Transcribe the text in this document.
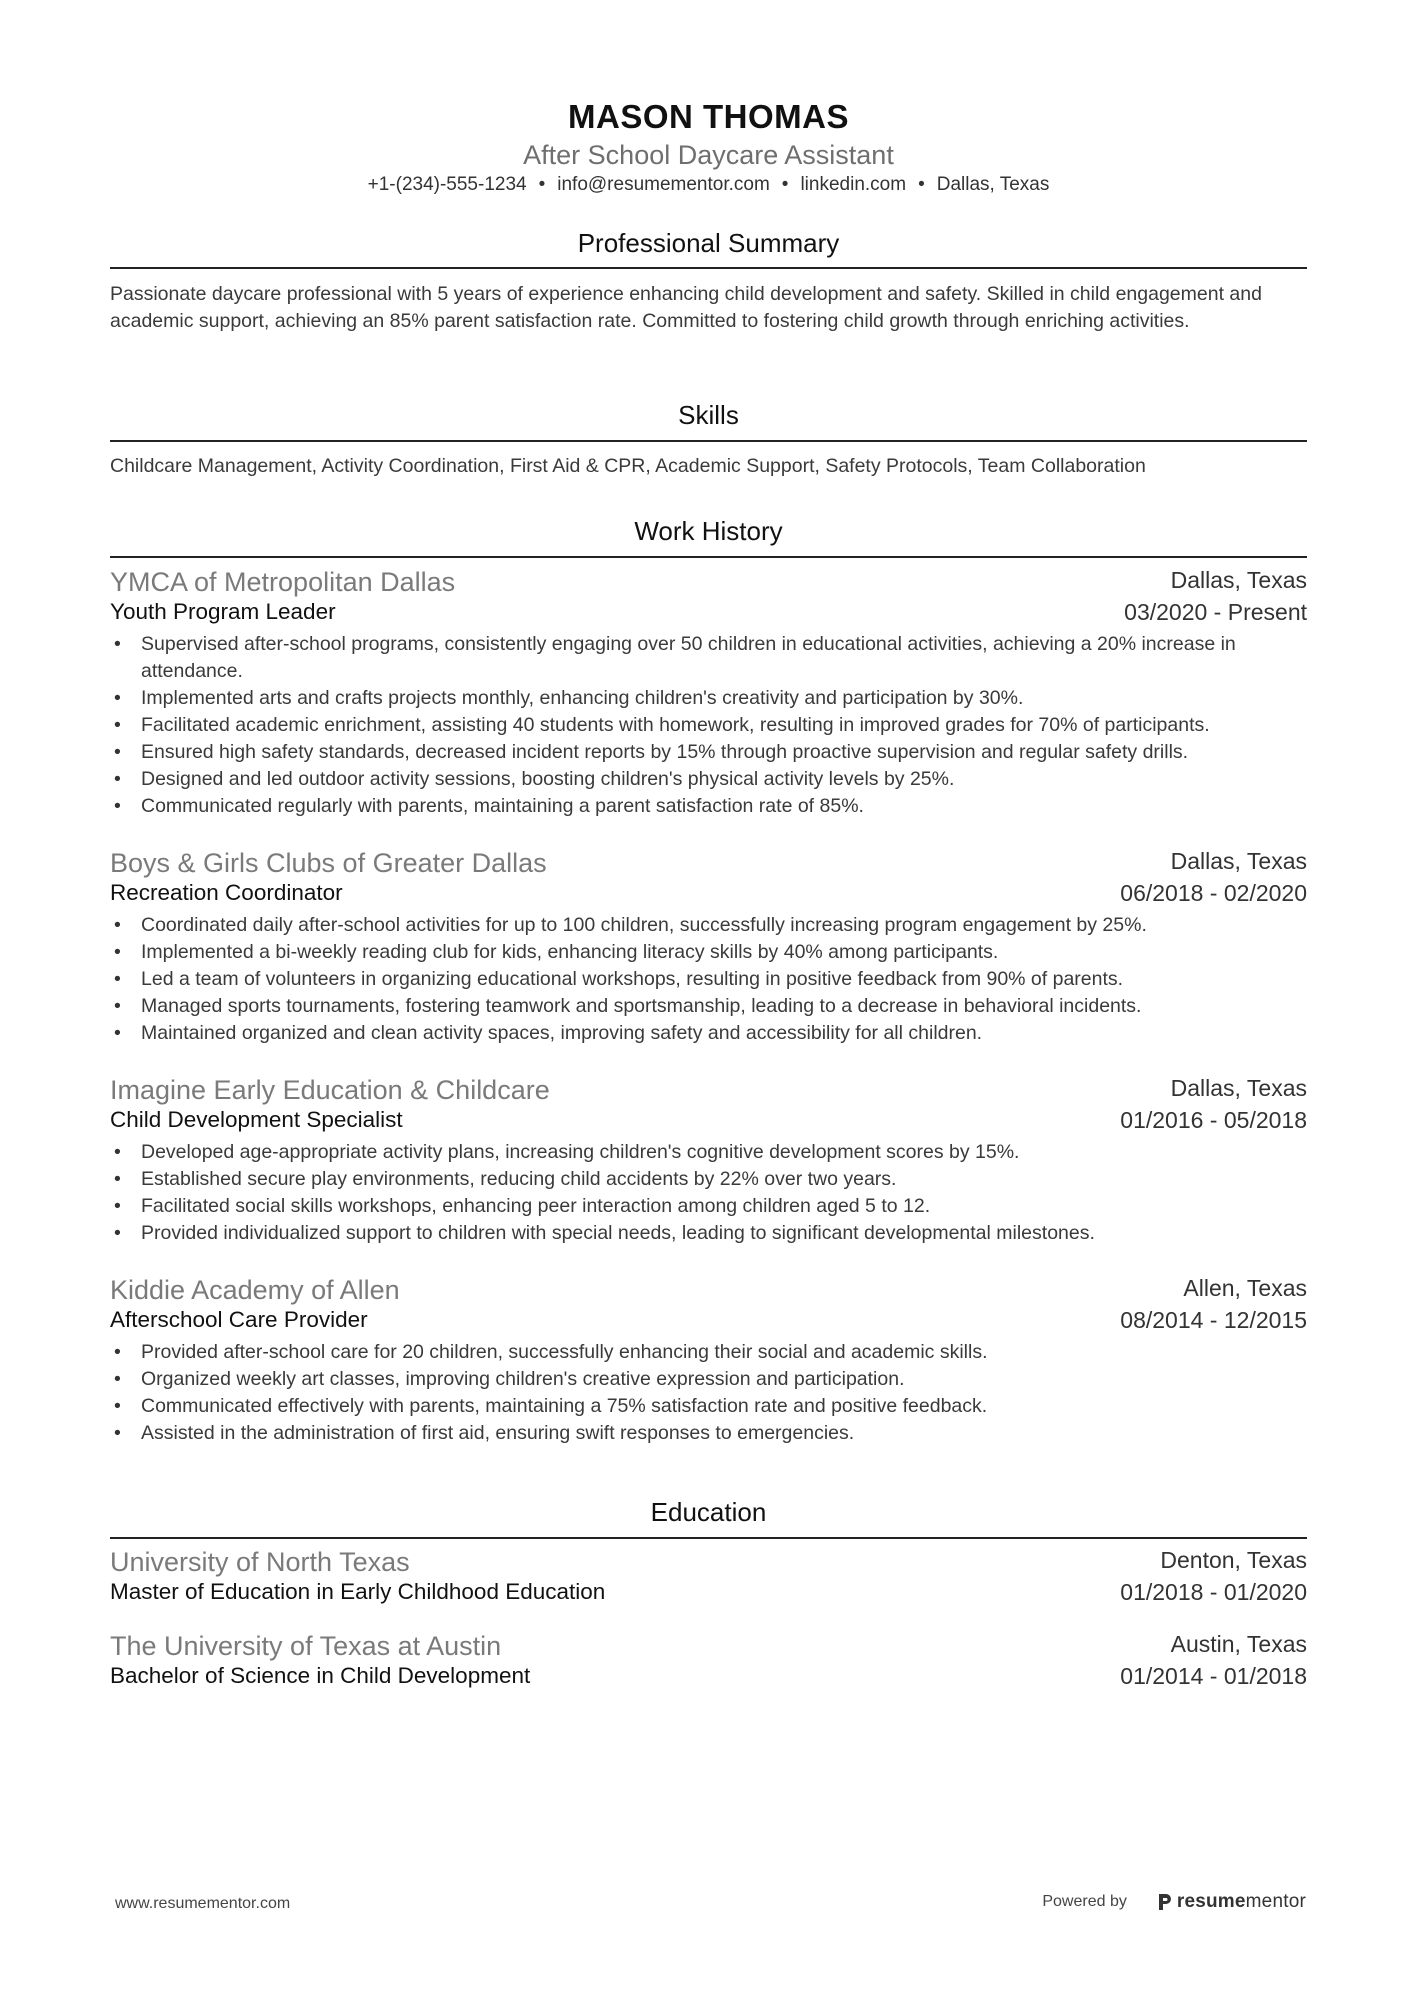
MASON THOMAS
After School Daycare Assistant
+1-(234)-555-1234 • info@resumementor.com • linkedin.com • Dallas, Texas
Professional Summary
Passionate daycare professional with 5 years of experience enhancing child development and safety. Skilled in child engagement and academic support, achieving an 85% parent satisfaction rate. Committed to fostering child growth through enriching activities.
Skills
Childcare Management, Activity Coordination, First Aid & CPR, Academic Support, Safety Protocols, Team Collaboration
Work History
YMCA of Metropolitan Dallas	Dallas, Texas
Youth Program Leader	03/2020 - Present
• Supervised after-school programs, consistently engaging over 50 children in educational activities, achieving a 20% increase in attendance.
• Implemented arts and crafts projects monthly, enhancing children's creativity and participation by 30%.
• Facilitated academic enrichment, assisting 40 students with homework, resulting in improved grades for 70% of participants.
• Ensured high safety standards, decreased incident reports by 15% through proactive supervision and regular safety drills.
• Designed and led outdoor activity sessions, boosting children's physical activity levels by 25%.
• Communicated regularly with parents, maintaining a parent satisfaction rate of 85%.
Boys & Girls Clubs of Greater Dallas	Dallas, Texas
Recreation Coordinator	06/2018 - 02/2020
• Coordinated daily after-school activities for up to 100 children, successfully increasing program engagement by 25%.
• Implemented a bi-weekly reading club for kids, enhancing literacy skills by 40% among participants.
• Led a team of volunteers in organizing educational workshops, resulting in positive feedback from 90% of parents.
• Managed sports tournaments, fostering teamwork and sportsmanship, leading to a decrease in behavioral incidents.
• Maintained organized and clean activity spaces, improving safety and accessibility for all children.
Imagine Early Education & Childcare	Dallas, Texas
Child Development Specialist	01/2016 - 05/2018
• Developed age-appropriate activity plans, increasing children's cognitive development scores by 15%.
• Established secure play environments, reducing child accidents by 22% over two years.
• Facilitated social skills workshops, enhancing peer interaction among children aged 5 to 12.
• Provided individualized support to children with special needs, leading to significant developmental milestones.
Kiddie Academy of Allen	Allen, Texas
Afterschool Care Provider	08/2014 - 12/2015
• Provided after-school care for 20 children, successfully enhancing their social and academic skills.
• Organized weekly art classes, improving children's creative expression and participation.
• Communicated effectively with parents, maintaining a 75% satisfaction rate and positive feedback.
• Assisted in the administration of first aid, ensuring swift responses to emergencies.
Education
University of North Texas	Denton, Texas
Master of Education in Early Childhood Education	01/2018 - 01/2020
The University of Texas at Austin	Austin, Texas
Bachelor of Science in Child Development	01/2014 - 01/2018
www.resumementor.com	Powered by	resumementor
